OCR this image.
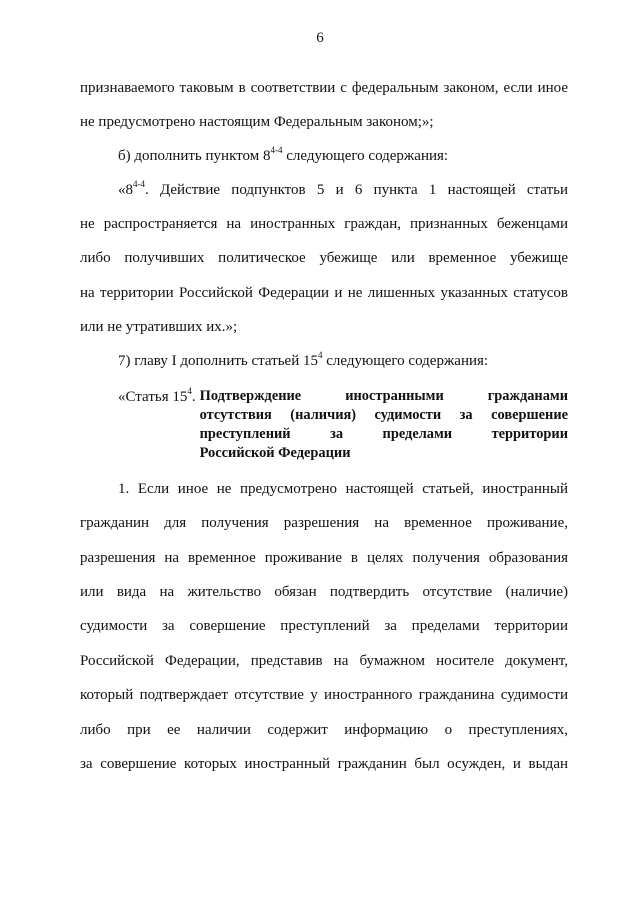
6
признаваемого таковым в соответствии с федеральным законом, если иное
не предусмотрено настоящим Федеральным законом;»;
б) дополнить пунктом 8$^{4-4}$ следующего содержания:
«8$^{4-4}$. Действие подпунктов 5 и 6 пункта 1 настоящей статьи
не распространяется на иностранных граждан, признанных беженцами
либо получивших политическое убежище или временное убежище
на территории Российской Федерации и не лишенных указанных статусов
или не утративших их.»;
7) главу I дополнить статьей $15^4$ следующего содержания:
«Статья $15^4$. Подтверждение иностранными гражданами
отсутствия (наличия) судимости за совершение
преступлений за пределами территории
Российской Федерации
1. Если иное не предусмотрено настоящей статьей, иностранный
гражданин для получения разрешения на временное проживание,
разрешения на временное проживание в целях получения образования
или вида на жительство обязан подтвердить отсутствие (наличие)
судимости за совершение преступлений за пределами территории
Российской Федерации, представив на бумажном носителе документ,
который подтверждает отсутствие у иностранного гражданина судимости
либо при ее наличии содержит информацию о преступлениях,
за совершение которых иностранный гражданин был осужден, и выдан
